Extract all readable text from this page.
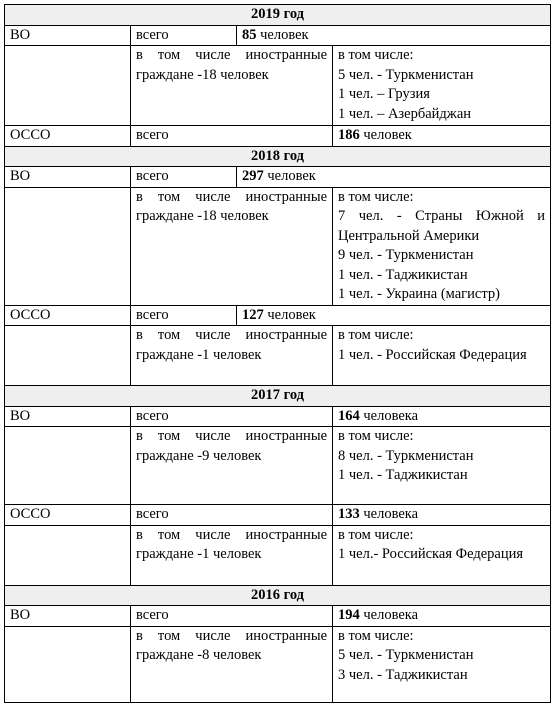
2019 год			
ВО	всего	85 человек	
	в том числе иностранные граждане -18 человек		в том числе:
5 чел. - Туркменистан
1 чел. – Грузия
1 чел. – Азербайджан

ОССО	всего		186 человек
2018 год			
ВО	всего	297 человек	
	в том числе иностранные граждане -18 человек		в том числе:
7 чел. - Страны Южной и Центральной Америки
9 чел. - Туркменистан
1 чел. - Таджикистан
1 чел. - Украина (магистр)

ОССО	всего	127 человек	
	в том числе иностранные граждане -1 человек		в том числе:
1 чел. - Российская Федерация

2017 год			
ВО	всего		164 человека
	в том числе иностранные граждане -9 человек		в том числе:
8 чел. - Туркменистан
1 чел. - Таджикистан

ОССО	всего		133 человека
	в том числе иностранные граждане -1 человек		в том числе:
1 чел.- Российская Федерация

2016 год			
ВО	всего		194 человека
	в том числе иностранные граждане -8 человек		в том числе:
5 чел. - Туркменистан
3 чел. - Таджикистан
